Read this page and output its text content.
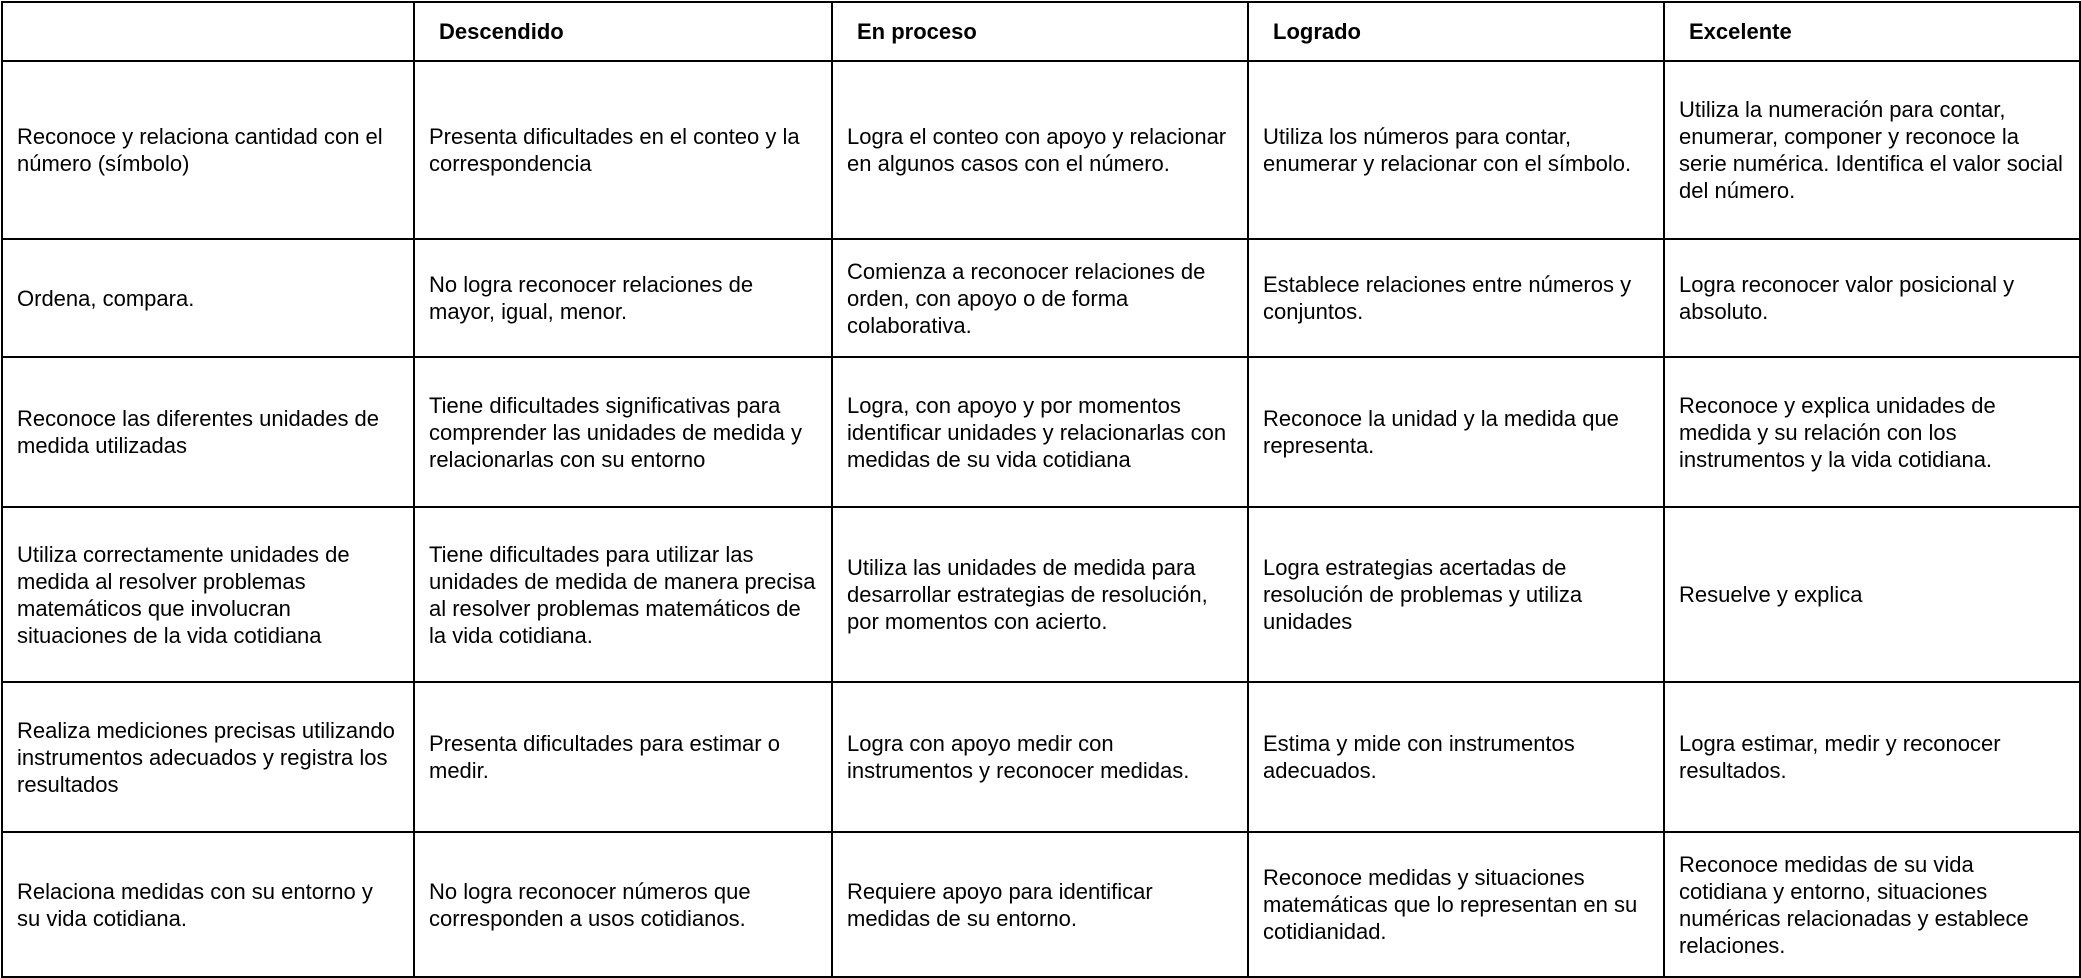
	Descendido	En proceso	Logrado	Excelente
Reconoce y relaciona cantidad con el número (símbolo)	Presenta dificultades en el conteo y la correspondencia	Logra el conteo con apoyo y relacionar en algunos casos con el número.	Utiliza los números para contar, enumerar y relacionar con el símbolo.	Utiliza la numeración para contar, enumerar, componer y reconoce la serie numérica. Identifica el valor social del número.
Ordena, compara.	No logra reconocer relaciones de mayor, igual, menor.	Comienza a reconocer relaciones de orden, con apoyo o de forma colaborativa.	Establece relaciones entre números y conjuntos.	Logra reconocer valor posicional y absoluto.
Reconoce las diferentes unidades de medida utilizadas	Tiene dificultades significativas para comprender las unidades de medida y relacionarlas con su entorno	Logra, con apoyo y por momentos identificar unidades y relacionarlas con medidas de su vida cotidiana	Reconoce la unidad y la medida que representa.	Reconoce y explica unidades de medida y su relación con los instrumentos y la vida cotidiana.
Utiliza correctamente unidades de medida al resolver problemas matemáticos que involucran situaciones de la vida cotidiana	Tiene dificultades para utilizar las unidades de medida de manera precisa al resolver problemas matemáticos de la vida cotidiana.	Utiliza las unidades de medida para desarrollar estrategias de resolución, por momentos con acierto.	Logra estrategias acertadas de resolución de problemas y utiliza unidades	Resuelve y explica
Realiza mediciones precisas utilizando instrumentos adecuados y registra los resultados	Presenta dificultades para estimar o medir.	Logra con apoyo medir con instrumentos y reconocer medidas.	Estima y mide con instrumentos adecuados.	Logra estimar, medir y reconocer resultados.
Relaciona medidas con su entorno y su vida cotidiana.	No logra reconocer números que corresponden a usos cotidianos.	Requiere apoyo para identificar medidas de su entorno.	Reconoce medidas y situaciones matemáticas que lo representan en su cotidianidad.	Reconoce medidas de su vida cotidiana y entorno, situaciones numéricas relacionadas y establece relaciones.
